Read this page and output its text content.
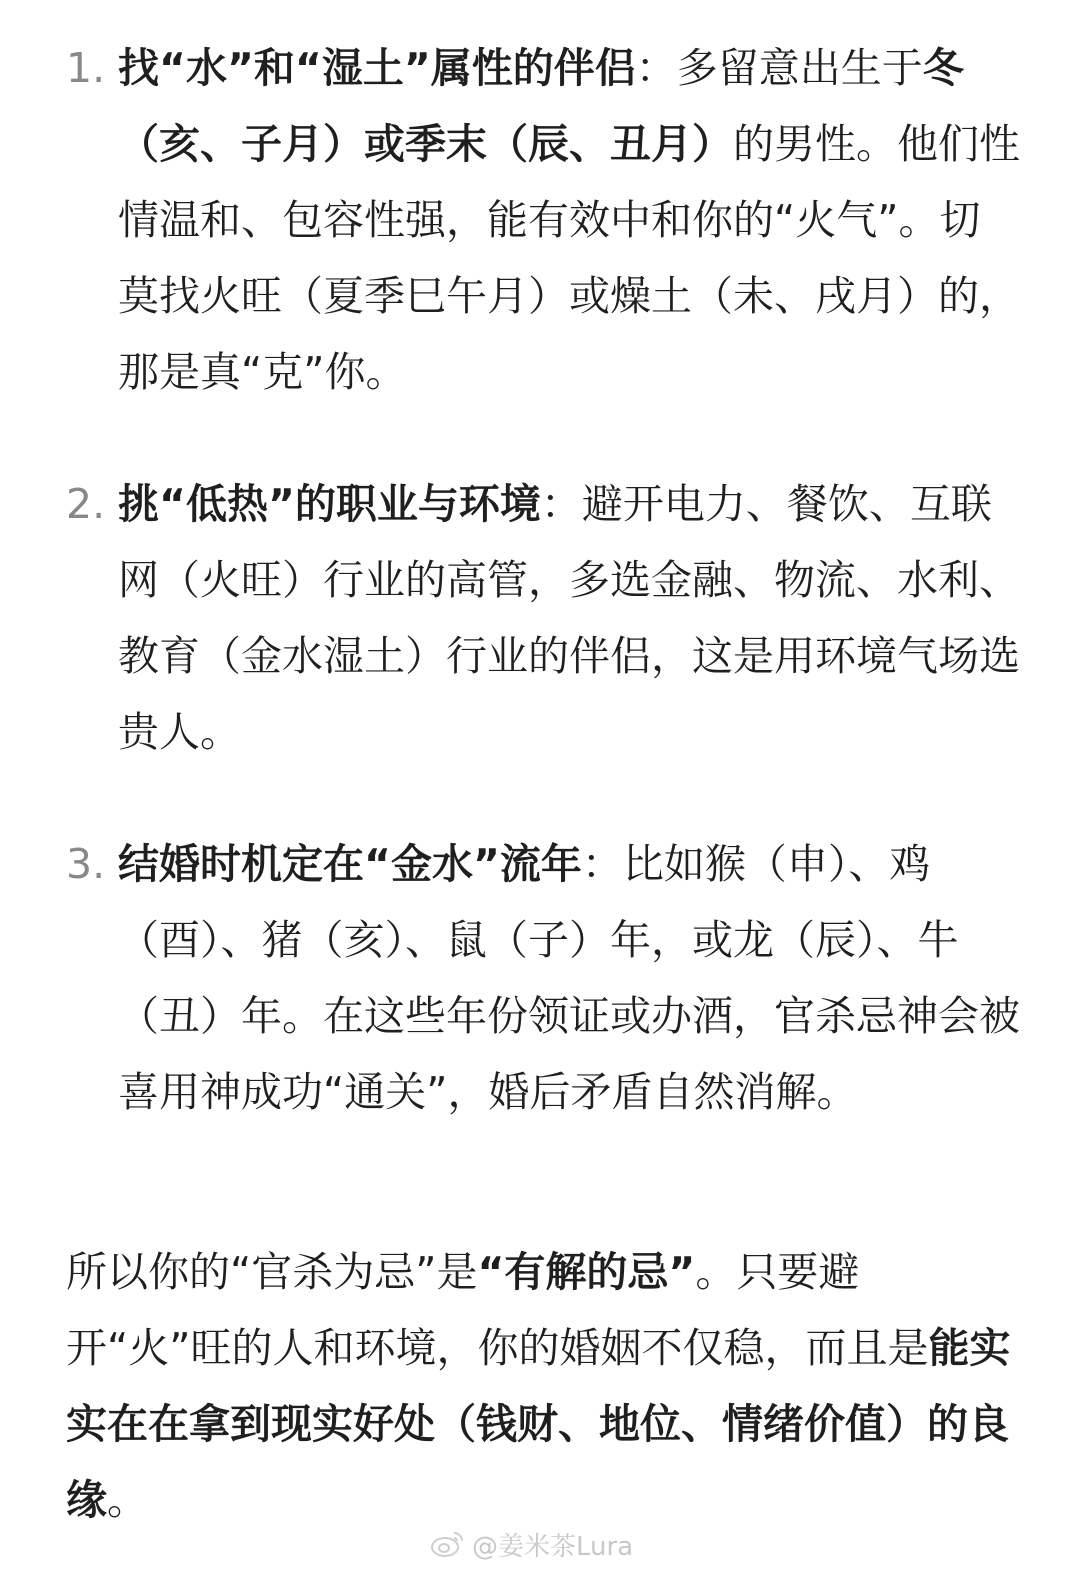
1. 找“水”和“湿土”属性的伴侣：多留意出生于冬（亥、子月）或季末（辰、丑月）的男性。他们性情温和、包容性强，能有效中和你的“火气”。切莫找火旺（夏季巳午月）或燥土（未、戌月）的，那是真“克”你。
2. 挑“低热”的职业与环境：避开电力、餐饮、互联网（火旺）行业的高管，多选金融、物流、水利、教育（金水湿土）行业的伴侣，这是用环境气场选贵人。
3. 结婚时机定在“金水”流年：比如猴（申）、鸡（酉）、猪（亥）、鼠（子）年，或龙（辰）、牛（丑）年。在这些年份领证或办酒，官杀忌神会被喜用神成功“通关”，婚后矛盾自然消解。
所以你的“官杀为忌”是“有解的忌”。只要避开“火”旺的人和环境，你的婚姻不仅稳，而且是能实实在在拿到现实好处（钱财、地位、情绪价值）的良缘。
@姜米茶Lura
